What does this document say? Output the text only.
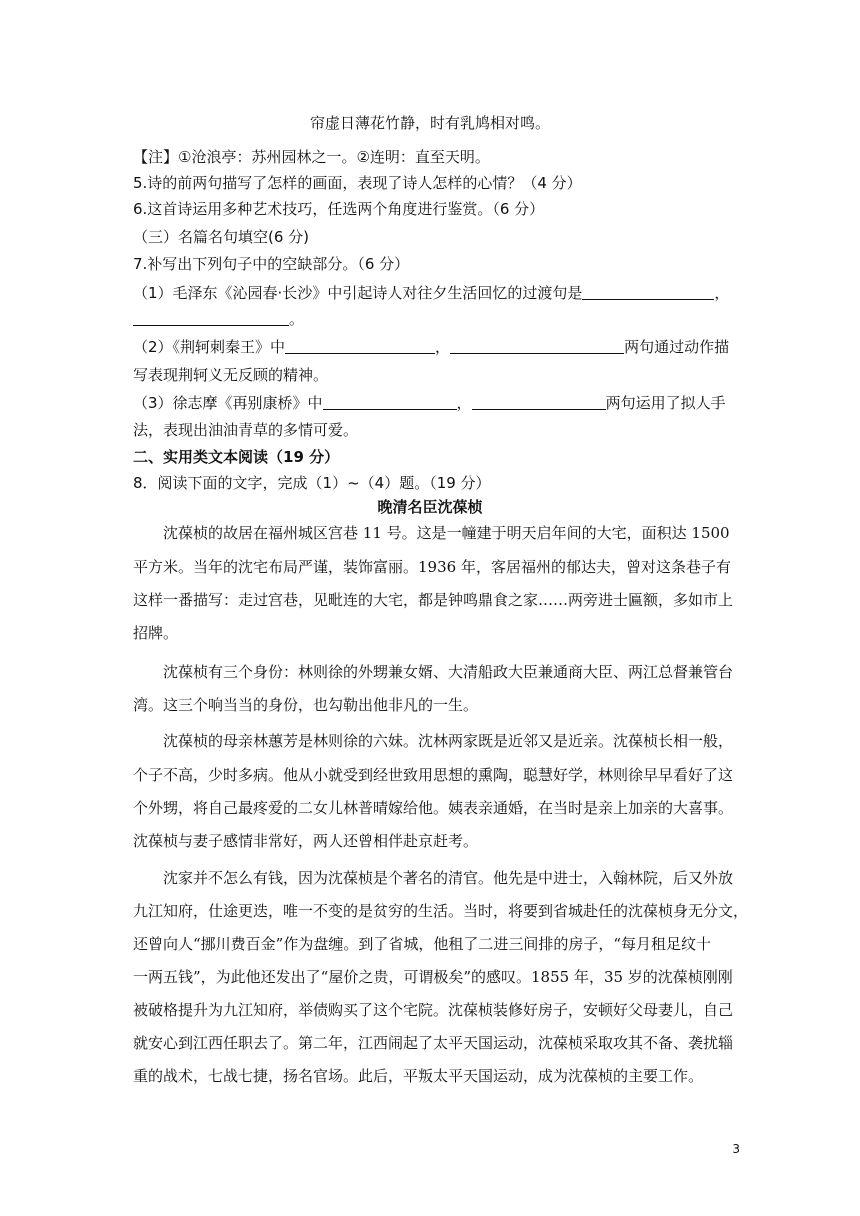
帘虚日薄花竹静，时有乳鸠相对鸣。
【注】①沧浪亭：苏州园林之一。②连明：直至天明。
5.诗的前两句描写了怎样的画面，表现了诗人怎样的心情？（4 分）
6.这首诗运用多种艺术技巧，任选两个角度进行鉴赏。（6 分）
（三）名篇名句填空(6 分)
7.补写出下列句子中的空缺部分。（6 分）
（1）毛泽东《沁园春·长沙》中引起诗人对往夕生活回忆的过渡句是	，
。
（2）《荆轲刺秦王》中	，	两句通过动作描
写表现荆轲义无反顾的精神。
（3）徐志摩《再别康桥》中	，	两句运用了拟人手
法，表现出油油青草的多情可爱。
二、实用类文本阅读（19 分）
8．阅读下面的文字，完成（1）~（4）题。（19 分）
晚清名臣沈葆桢
沈葆桢的故居在福州城区宫巷 11 号。这是一幢建于明天启年间的大宅，面积达 1500
平方米。当年的沈宅布局严谨，装饰富丽。1936 年，客居福州的郁达夫，曾对这条巷子有
这样一番描写：走过宫巷，见毗连的大宅，都是钟鸣鼎食之家……两旁进士匾额，多如市上
招牌。
沈葆桢有三个身份：林则徐的外甥兼女婿、大清船政大臣兼通商大臣、两江总督兼管台
湾。这三个响当当的身份，也勾勒出他非凡的一生。
沈葆桢的母亲林蕙芳是林则徐的六妹。沈林两家既是近邻又是近亲。沈葆桢长相一般，
个子不高，少时多病。他从小就受到经世致用思想的熏陶，聪慧好学，林则徐早早看好了这
个外甥，将自己最疼爱的二女儿林普晴嫁给他。姨表亲通婚，在当时是亲上加亲的大喜事。
沈葆桢与妻子感情非常好，两人还曾相伴赴京赶考。
沈家并不怎么有钱，因为沈葆桢是个著名的清官。他先是中进士，入翰林院，后又外放
九江知府，仕途更迭，唯一不变的是贫穷的生活。当时，将要到省城赴任的沈葆桢身无分文，
还曾向人“挪川费百金”作为盘缠。到了省城，他租了二进三间排的房子，“每月租足纹十
一两五钱”，为此他还发出了“屋价之贵，可谓极矣”的感叹。1855 年，35 岁的沈葆桢刚刚
被破格提升为九江知府，举债购买了这个宅院。沈葆桢装修好房子，安顿好父母妻儿，自己
就安心到江西任职去了。第二年，江西闹起了太平天国运动，沈葆桢采取攻其不备、袭扰辎
重的战术，七战七捷，扬名官场。此后，平叛太平天国运动，成为沈葆桢的主要工作。
3
